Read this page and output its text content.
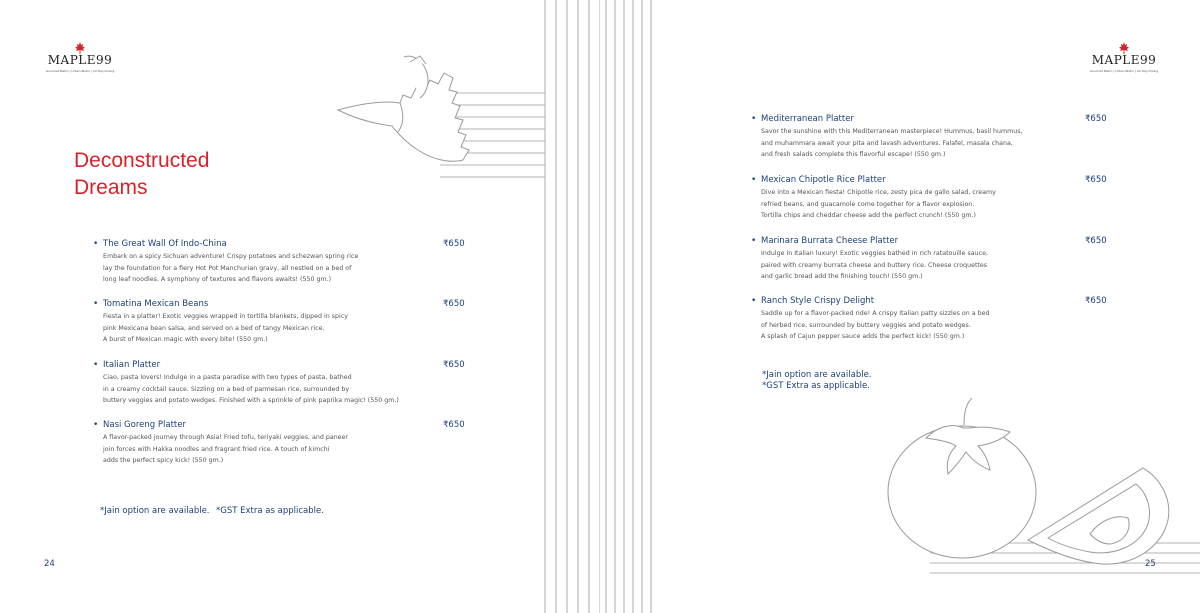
MAPLE99
Gourmet Bistro | Urban Bistro | All Day Dining
Deconstructed
Dreams
• The Great Wall Of Indo-China	₹650
Embark on a spicy Sichuan adventure! Crispy potatoes and schezwan spring rice
lay the foundation for a fiery Hot Pot Manchurian gravy, all nestled on a bed of
long leaf noodles. A symphony of textures and flavors awaits! (550 gm.)
• Tomatina Mexican Beans	₹650
Fiesta in a platter! Exotic veggies wrapped in tortilla blankets, dipped in spicy
pink Mexicana bean salsa, and served on a bed of tangy Mexican rice.
A burst of Mexican magic with every bite! (550 gm.)
• Italian Platter	₹650
Ciao, pasta lovers! Indulge in a pasta paradise with two types of pasta, bathed
in a creamy cocktail sauce. Sizzling on a bed of parmesan rice, surrounded by
buttery veggies and potato wedges. Finished with a sprinkle of pink paprika magic! (550 gm.)
• Nasi Goreng Platter	₹650
A flavor-packed journey through Asia! Fried tofu, teriyaki veggies, and paneer
join forces with Hakka noodles and fragrant fried rice. A touch of kimchi
adds the perfect spicy kick! (550 gm.)
*Jain option are available. *GST Extra as applicable.
24
MAPLE99
Gourmet Bistro | Urban Bistro | All Day Dining
• Mediterranean Platter	₹650
Savor the sunshine with this Mediterranean masterpiece! Hummus, basil hummus,
and muhammara await your pita and lavash adventures. Falafel, masala chana,
and fresh salads complete this flavorful escape! (550 gm.)
• Mexican Chipotle Rice Platter	₹650
Dive into a Mexican fiesta! Chipotle rice, zesty pica de gallo salad, creamy
refried beans, and guacamole come together for a flavor explosion.
Tortilla chips and cheddar cheese add the perfect crunch! (550 gm.)
• Marinara Burrata Cheese Platter	₹650
Indulge in Italian luxury! Exotic veggies bathed in rich ratatouille sauce,
paired with creamy burrata cheese and buttery rice. Cheese croquettes
and garlic bread add the finishing touch! (550 gm.)
• Ranch Style Crispy Delight	₹650
Saddle up for a flavor-packed ride! A crispy Italian patty sizzles on a bed
of herbed rice, surrounded by buttery veggies and potato wedges.
A splash of Cajun pepper sauce adds the perfect kick! (550 gm.)
*Jain option are available.
*GST Extra as applicable.
25
